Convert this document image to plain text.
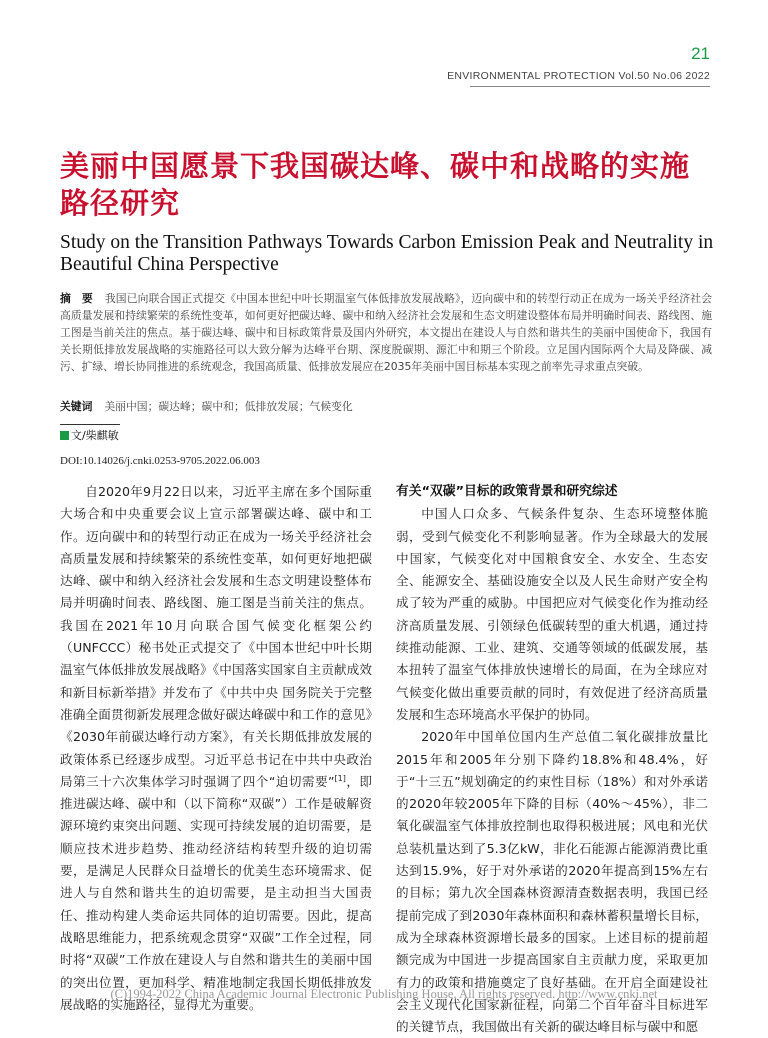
21
ENVIRONMENTAL PROTECTION Vol.50 No.06 2022
美丽中国愿景下我国碳达峰、碳中和战略的实施路径研究
Study on the Transition Pathways Towards Carbon Emission Peak and Neutrality in Beautiful China Perspective
摘　要 我国已向联合国正式提交《中国本世纪中叶长期温室气体低排放发展战略》，迈向碳中和的转型行动正在成为一场关乎经济社会高质量发展和持续繁荣的系统性变革，如何更好把碳达峰、碳中和纳入经济社会发展和生态文明建设整体布局并明确时间表、路线图、施工图是当前关注的焦点。基于碳达峰、碳中和目标政策背景及国内外研究，本文提出在建设人与自然和谐共生的美丽中国使命下，我国有关长期低排放发展战略的实施路径可以大致分解为达峰平台期、深度脱碳期、源汇中和期三个阶段。立足国内国际两个大局及降碳、减污、扩绿、增长协同推进的系统观念，我国高质量、低排放发展应在2035年美丽中国目标基本实现之前率先寻求重点突破。
关键词 美丽中国；碳达峰；碳中和；低排放发展；气候变化
文/柴麒敏
DOI:10.14026/j.cnki.0253-9705.2022.06.003

自2020年9月22日以来，习近平主席在多个国际重大场合和中央重要会议上宣示部署碳达峰、碳中和工作。迈向碳中和的转型行动正在成为一场关乎经济社会高质量发展和持续繁荣的系统性变革，如何更好地把碳达峰、碳中和纳入经济社会发展和生态文明建设整体布局并明确时间表、路线图、施工图是当前关注的焦点。我国在2021年10月向联合国气候变化框架公约（UNFCCC）秘书处正式提交了《中国本世纪中叶长期温室气体低排放发展战略》《中国落实国家自主贡献成效和新目标新举措》并发布了《中共中央 国务院关于完整准确全面贯彻新发展理念做好碳达峰碳中和工作的意见》《2030年前碳达峰行动方案》，有关长期低排放发展的政策体系已经逐步成型。习近平总书记在中共中央政治局第三十六次集体学习时强调了四个“迫切需要”[1]，即推进碳达峰、碳中和（以下简称“双碳”）工作是破解资源环境约束突出问题、实现可持续发展的迫切需要，是顺应技术进步趋势、推动经济结构转型升级的迫切需要，是满足人民群众日益增长的优美生态环境需求、促进人与自然和谐共生的迫切需要，是主动担当大国责任、推动构建人类命运共同体的迫切需要。因此，提高战略思维能力，把系统观念贯穿“双碳”工作全过程，同时将“双碳”工作放在建设人与自然和谐共生的美丽中国的突出位置，更加科学、精准地制定我国长期低排放发展战略的实施路径，显得尤为重要。

有关“双碳”目标的政策背景和研究综述

中国人口众多、气候条件复杂、生态环境整体脆弱，受到气候变化不利影响显著。作为全球最大的发展中国家，气候变化对中国粮食安全、水安全、生态安全、能源安全、基础设施安全以及人民生命财产安全构成了较为严重的威胁。中国把应对气候变化作为推动经济高质量发展、引领绿色低碳转型的重大机遇，通过持续推动能源、工业、建筑、交通等领域的低碳发展，基本扭转了温室气体排放快速增长的局面，在为全球应对气候变化做出重要贡献的同时，有效促进了经济高质量发展和生态环境高水平保护的协同。

2020年中国单位国内生产总值二氧化碳排放量比2015年和2005年分别下降约18.8%和48.4%，好于“十三五”规划确定的约束性目标（18%）和对外承诺的2020年较2005年下降的目标（40%～45%），非二氧化碳温室气体排放控制也取得积极进展；风电和光伏总装机量达到了5.3亿kW，非化石能源占能源消费比重达到15.9%，好于对外承诺的2020年提高到15%左右的目标；第九次全国森林资源清查数据表明，我国已经提前完成了到2030年森林面积和森林蓄积量增长目标，成为全球森林资源增长最多的国家。上述目标的提前超额完成为中国进一步提高国家自主贡献力度，采取更加有力的政策和措施奠定了良好基础。在开启全面建设社会主义现代化国家新征程，向第二个百年奋斗目标进军的关键节点，我国做出有关新的碳达峰目标与碳中和愿

(C)1994-2022 China Academic Journal Electronic Publishing House. All rights reserved. http://www.cnki.net
